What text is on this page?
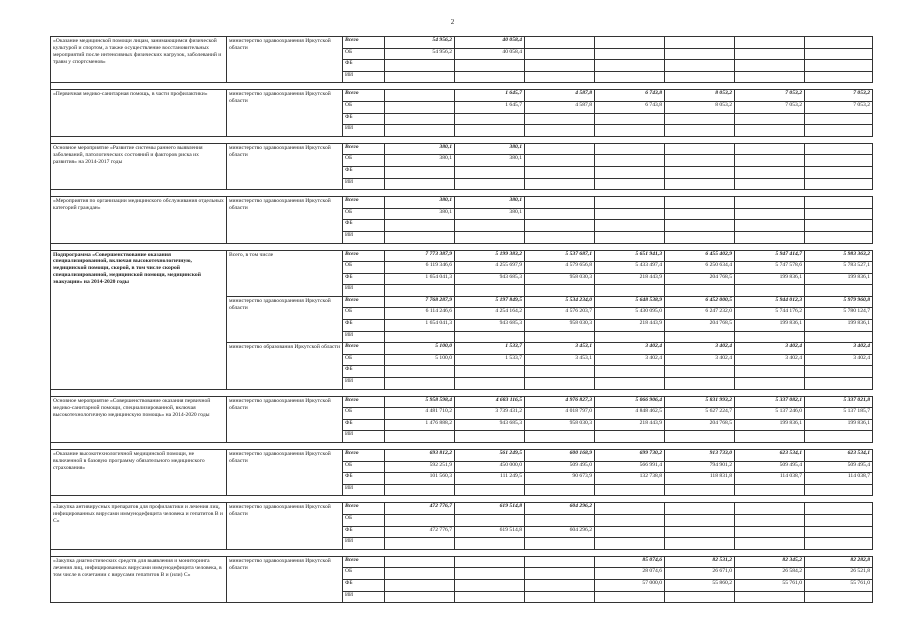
2
«Оказание медицинской помощи лицам, занимающимся физической культурой и спортом, а также осуществление восстановительных мероприятий после интенсивных физических нагрузок, заболеваний и травм у спортсменов»	министерство здравоохранения Иркутской области	Всего	54 956,2	40 058,4					
		ОБ	54 956,2	40 058,4					
		ФБ							
		ИИ							

«Первичная медико-санитарная помощь, в части профилактики»	министерство здравоохранения Иркутской области	Всего		1 645,7	4 587,8	6 743,8	8 053,2	7 053,2	7 053,2
		ОБ		1 645,7	4 587,8	6 743,8	8 053,2	7 053,2	7 053,2
		ФБ							
		ИИ							

Основное мероприятие «Развитие системы раннего выявления заболеваний, патологических состояний и факторов риска их развития» на 2014-2017 годы	министерство здравоохранения Иркутской области	Всего	380,1	380,1					
		ОБ	380,1	380,1					
		ФБ							
		ИИ							

«Мероприятия по организации медицинского обслуживания отдельных категорий граждан»	министерство здравоохранения Иркутской области	Всего	380,1	380,1					
		ОБ	380,1	380,1					
		ФБ							
		ИИ							

Подпрограмма «Совершенствование оказания специализированной, включая высокотехнологичную, медицинской помощи, скорой, в том числе скорой специализированной, медицинской помощи, медицинской эвакуации» на 2014-2020 годы	Всего, в том числе	Всего	7 773 387,9	5 199 383,2	5 537 687,1	5 651 941,3	6 455 402,9	5 947 414,7	5 983 363,2
		ОБ	6 119 346,6	4 255 697,9	4 579 656,8	5 433 497,4	6 250 634,4	5 747 578,6	5 783 527,1
		ФБ	1 654 041,3	943 685,3	958 030,3	218 443,9	204 768,5	199 836,1	199 836,1
		ИИ							
	министерство здравоохранения Иркутской области	Всего	7 768 287,9	5 197 849,5	5 534 234,0	5 648 538,9	6 452 000,5	5 944 012,3	5 979 960,8
		ОБ	6 114 246,6	4 254 164,2	4 576 203,7	5 430 095,0	6 247 232,0	5 744 176,2	5 780 124,7
		ФБ	1 654 041,3	943 685,3	958 030,3	218 443,9	204 768,5	199 836,1	199 836,1
		ИИ							
	министерство образования Иркутской области	Всего	5 100,0	1 533,7	3 453,1	3 402,4	3 402,4	3 402,4	3 402,4
		ОБ	5 100,0	1 533,7	3 453,1	3 402,4	3 402,4	3 402,4	3 402,4
		ФБ							
		ИИ							

Основное мероприятие «Совершенствование оказания первичной медико-санитарной помощи, специализированной, включая высокотехнологичную медицинскую помощь» на 2014-2020 годы	министерство здравоохранения Иркутской области	Всего	5 958 598,4	4 683 116,5	4 976 827,3	5 066 906,4	5 831 993,2	5 337 082,1	5 337 021,8
		ОБ	4 481 710,2	3 739 431,2	4 018 797,0	4 848 462,5	5 627 224,7	5 137 246,0	5 137 185,7
		ФБ	1 476 888,2	943 685,3	958 030,3	218 443,9	204 768,5	199 836,1	199 836,1
		ИИ							

«Оказание высокотехнологичной медицинской помощи, не включенной в базовую программу обязательного медицинского страхования»	министерство здравоохранения Иркутской области	Всего	693 812,2	561 249,5	600 168,9	699 730,2	913 733,0	623 534,1	623 534,1
		ОБ	592 251,9	450 000,0	509 495,0	566 991,4	794 901,2	509 495,4	509 495,4
		ФБ	101 560,3	111 249,5	90 673,9	132 738,8	118 831,8	114 038,7	114 038,7
		ИИ							

«Закупка антивирусных препаратов для профилактики и лечения лиц, инфицированных вирусами иммунодефицита человека и гепатитов В и С»	министерство здравоохранения Иркутской области	Всего	472 776,7	619 514,8	604 296,2				
		ОБ							
		ФБ	472 776,7	619 514,8	604 296,2				
		ИИ							

«Закупка диагностических средств для выявления и мониторинга лечения лиц, инфицированных вирусами иммунодефицита человека, в том числе в сочетании с вирусами гепатитов В и (или) С»	министерство здравоохранения Иркутской области	Всего				85 074,6	82 531,2	82 345,2	82 282,8
		ОБ				28 074,6	26 671,0	26 584,2	26 521,8
		ФБ				57 000,0	55 860,2	55 761,0	55 761,0
		ИИ							
